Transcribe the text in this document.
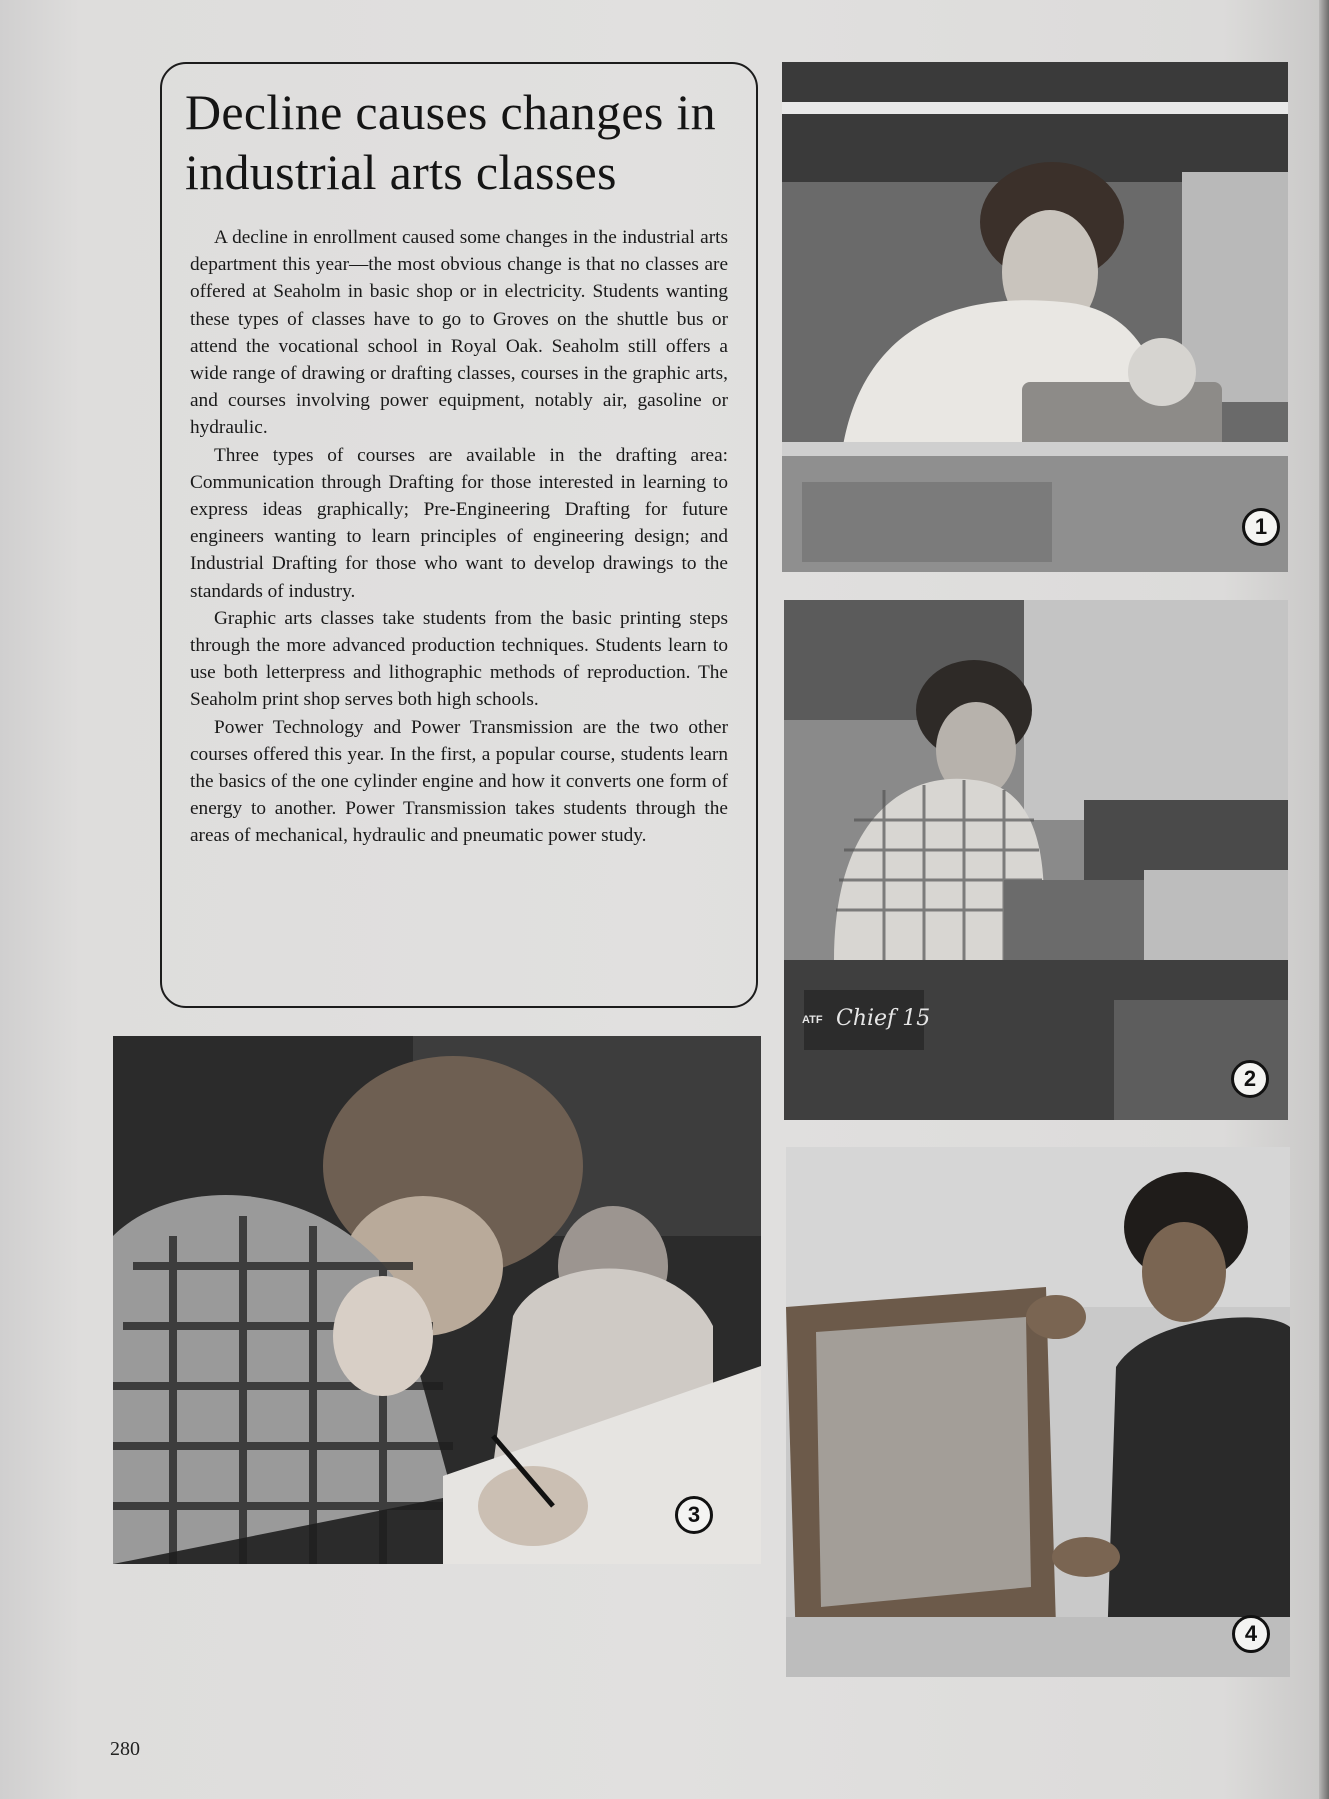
Decline causes changes in industrial arts classes

A decline in enrollment caused some changes in the industrial arts department this year—the most obvious change is that no classes are offered at Seaholm in basic shop or in electricity. Students wanting these types of classes have to go to Groves on the shuttle bus or attend the vocational school in Royal Oak. Seaholm still offers a wide range of drawing or drafting classes, courses in the graphic arts, and courses involving power equipment, notably air, gasoline or hydraulic.

Three types of courses are available in the drafting area: Communication through Drafting for those interested in learning to express ideas graphically; Pre-Engineering Drafting for future engineers wanting to learn principles of engineering design; and Industrial Drafting for those who want to develop drawings to the standards of industry.

Graphic arts classes take students from the basic printing steps through the more advanced production techniques. Students learn to use both letterpress and lithographic methods of reproduction. The Seaholm print shop serves both high schools.

Power Technology and Power Transmission are the two other courses offered this year. In the first, a popular course, students learn the basics of the one cylinder engine and how it converts one form of energy to another. Power Transmission takes students through the areas of mechanical, hydraulic and pneumatic power study.

1
ATF Chief 15
2
3
4
280
